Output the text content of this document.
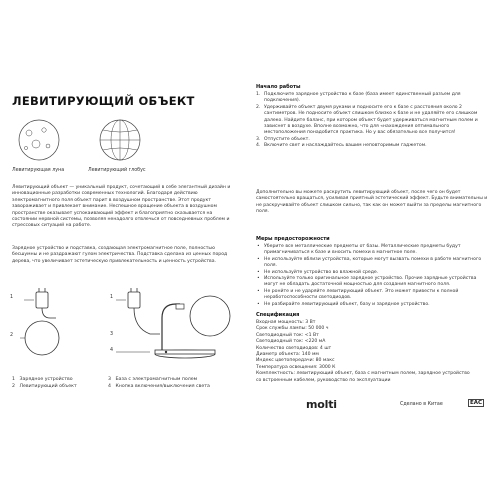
ЛЕВИТИРУЮЩИЙ ОБЪЕКТ
Левитирующая луна	Левитирующий глобус
Левитирующий объект — уникальный продукт, сочетающий в себе элегантный дизайн и инновационные разработки современных технологий. Благодаря действию электромагнитного поля объект парит в воздушном пространстве. Этот продукт завораживает и привлекает внимание. Неспешное вращение объекта в воздушном пространстве оказывает успокаивающий эффект и благоприятно сказывается на состоянии нервной системы, позволяя ненадолго отвлечься от повседневных проблем и стрессовых ситуаций на работе.
Зарядное устройство и подставка, создающая электромагнитное поле, полностью бесшумны и не раздражают гулом электричества. Подставка сделана из ценных пород дерева, что увеличивает эстетическую привлекательность и ценность устройства.
1
2
1
3
4
1 Зарядное устройство
2 Левитирующий объект
3 База с электромагнитным полем
4 Кнопка включения/выключения света
Начало работы
1. Подключите зарядное устройство к базе (база имеет единственный разъем для подключения).
2. Удерживайте объект двумя руками и подносите его к базе с расстояния около 2 сантиметров. Не подносите объект слишком близко к базе и не удаляйте его слишком далеко. Найдите баланс, при котором объект будет удерживаться магнитным полем и зависнет в воздухе. Вполне возможно, что для «нахождения оптимального местоположения понадобится практика. Но у вас обязательно все получится!
3. Отпустите объект.
4. Включите свет и наслаждайтесь вашим неповторимым гаджетом.
Дополнительно вы можете раскрутить левитирующий объект, после чего он будет самостоятельно вращаться, усиливая приятный эстетический эффект. Будьте внимательны и не раскручивайте объект слишком сильно, так как он может выйти за пределы магнитного поля.
Меры предосторожности
• Уберите все металлические предметы от базы. Металлические предметы будут примагничиваться к базе и вносить помехи в магнитное поле.
• Не используйте вблизи устройства, которые могут вызвать помехи в работе магнитного поля.
• Не используйте устройство во влажной среде.
• Используйте только оригинальное зарядное устройство. Прочие зарядные устройства могут не обладать достаточной мощностью для создания магнитного поля.
• Не ронйте и не ударяйте левитирующий объект. Это может привести к полной неработоспособности светодиодов.
• Не разбирайте левитирующий объект, базу и зарядное устройство.
Спецификация
Входная мощность: 3 Вт
Срок службы лампы: 50 000 ч
Светодиодный ток: <1 Вт
Светодиодный ток: <220 мА
Количество светодиодов: 4 шт
Диаметр объекта: 140 мм
Индекс цветопередачи: 80 макс
Температура освещения: 3000 К
Комплектность: левитирующий объект, база с магнитным полем, зарядное устройство
со встроенным кабелем, руководство по эксплуатации
molti	Сделано в Китае	EAC
